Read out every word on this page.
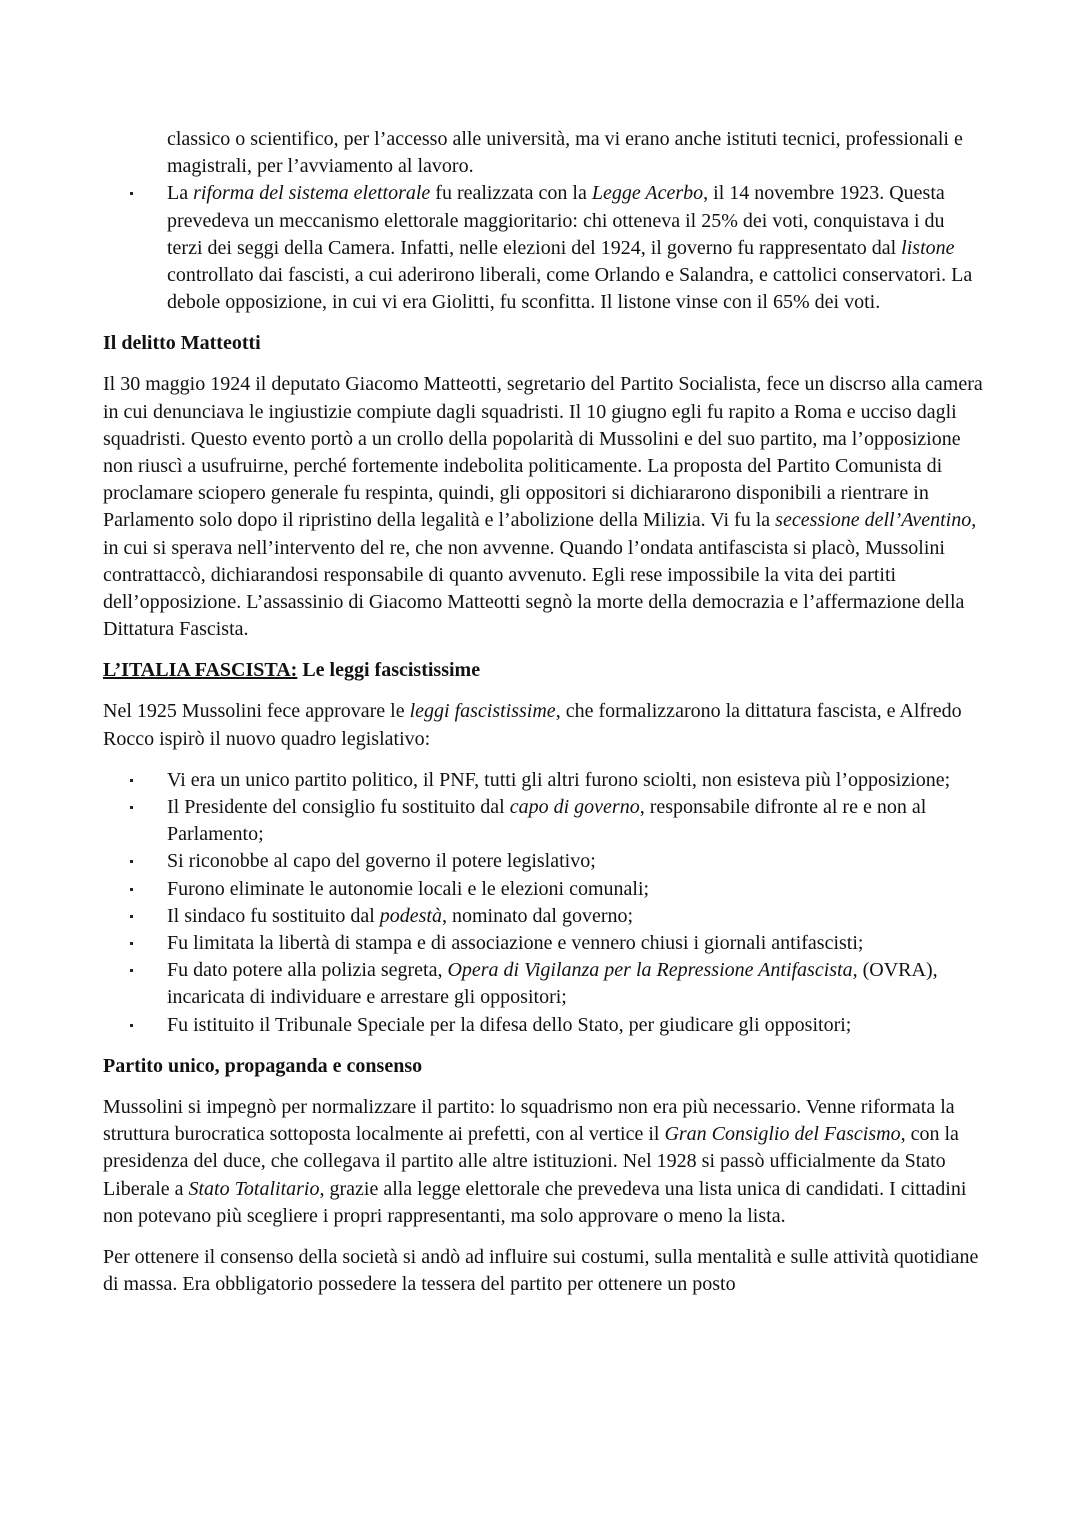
classico o scientifico, per l’accesso alle università, ma vi erano anche istituti tecnici, professionali e magistrali, per l’avviamento al lavoro.
La riforma del sistema elettorale fu realizzata con la Legge Acerbo, il 14 novembre 1923. Questa prevedeva un meccanismo elettorale maggioritario: chi otteneva il 25% dei voti, conquistava i du terzi dei seggi della Camera. Infatti, nelle elezioni del 1924, il governo fu rappresentato dal listone controllato dai fascisti, a cui aderirono liberali, come Orlando e Salandra, e cattolici conservatori. La debole opposizione, in cui vi era Giolitti, fu sconfitta. Il listone vinse con il 65% dei voti.

Il delitto Matteotti

Il 30 maggio 1924 il deputato Giacomo Matteotti, segretario del Partito Socialista, fece un discrso alla camera in cui denunciava le ingiustizie compiute dagli squadristi. Il 10 giugno egli fu rapito a Roma e ucciso dagli squadristi. Questo evento portò a un crollo della popolarità di Mussolini e del suo partito, ma l’opposizione non riuscì a usufruirne, perché fortemente indebolita politicamente. La proposta del Partito Comunista di proclamare sciopero generale fu respinta, quindi, gli oppositori si dichiararono disponibili a rientrare in Parlamento solo dopo il ripristino della legalità e l’abolizione della Milizia. Vi fu la secessione dell’Aventino, in cui si sperava nell’intervento del re, che non avvenne. Quando l’ondata antifascista si placò, Mussolini contrattaccò, dichiarandosi responsabile di quanto avvenuto. Egli rese impossibile la vita dei partiti dell’opposizione. L’assassinio di Giacomo Matteotti segnò la morte della democrazia e l’affermazione della Dittatura Fascista.

L’ITALIA FASCISTA: Le leggi fascistissime

Nel 1925 Mussolini fece approvare le leggi fascistissime, che formalizzarono la dittatura fascista, e Alfredo Rocco ispirò il nuovo quadro legislativo:

Vi era un unico partito politico, il PNF, tutti gli altri furono sciolti, non esisteva più l’opposizione;
Il Presidente del consiglio fu sostituito dal capo di governo, responsabile difronte al re e non al Parlamento;
Si riconobbe al capo del governo il potere legislativo;
Furono eliminate le autonomie locali e le elezioni comunali;
Il sindaco fu sostituito dal podestà, nominato dal governo;
Fu limitata la libertà di stampa e di associazione e vennero chiusi i giornali antifascisti;
Fu dato potere alla polizia segreta, Opera di Vigilanza per la Repressione Antifascista, (OVRA), incaricata di individuare e arrestare gli oppositori;
Fu istituito il Tribunale Speciale per la difesa dello Stato, per giudicare gli oppositori;

Partito unico, propaganda e consenso

Mussolini si impegnò per normalizzare il partito: lo squadrismo non era più necessario. Venne riformata la struttura burocratica sottoposta localmente ai prefetti, con al vertice il Gran Consiglio del Fascismo, con la presidenza del duce, che collegava il partito alle altre istituzioni. Nel 1928 si passò ufficialmente da Stato Liberale a Stato Totalitario, grazie alla legge elettorale che prevedeva una lista unica di candidati. I cittadini non potevano più scegliere i propri rappresentanti, ma solo approvare o meno la lista.

Per ottenere il consenso della società si andò ad influire sui costumi, sulla mentalità e sulle attività quotidiane di massa. Era obbligatorio possedere la tessera del partito per ottenere un posto
